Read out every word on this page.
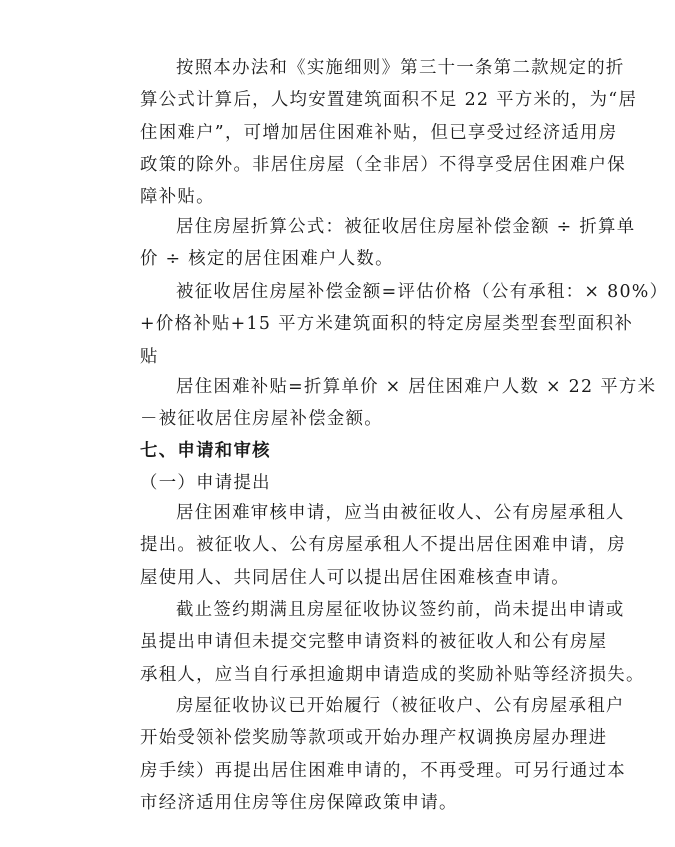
按照本办法和《实施细则》第三十一条第二款规定的折
算公式计算后，人均安置建筑面积不足 22 平方米的，为“居
住困难户”，可增加居住困难补贴，但已享受过经济适用房
政策的除外。非居住房屋（全非居）不得享受居住困难户保
障补贴。
居住房屋折算公式：被征收居住房屋补偿金额 ÷ 折算单
价 ÷ 核定的居住困难户人数。
被征收居住房屋补偿金额=评估价格（公有承租：× 80%）
+价格补贴+15 平方米建筑面积的特定房屋类型套型面积补
贴
居住困难补贴=折算单价 × 居住困难户人数 × 22 平方米
－被征收居住房屋补偿金额。
七、申请和审核
（一）申请提出
居住困难审核申请，应当由被征收人、公有房屋承租人
提出。被征收人、公有房屋承租人不提出居住困难申请，房
屋使用人、共同居住人可以提出居住困难核查申请。
截止签约期满且房屋征收协议签约前，尚未提出申请或
虽提出申请但未提交完整申请资料的被征收人和公有房屋
承租人，应当自行承担逾期申请造成的奖励补贴等经济损失。
房屋征收协议已开始履行（被征收户、公有房屋承租户
开始受领补偿奖励等款项或开始办理产权调换房屋办理进
房手续）再提出居住困难申请的，不再受理。可另行通过本
市经济适用住房等住房保障政策申请。
